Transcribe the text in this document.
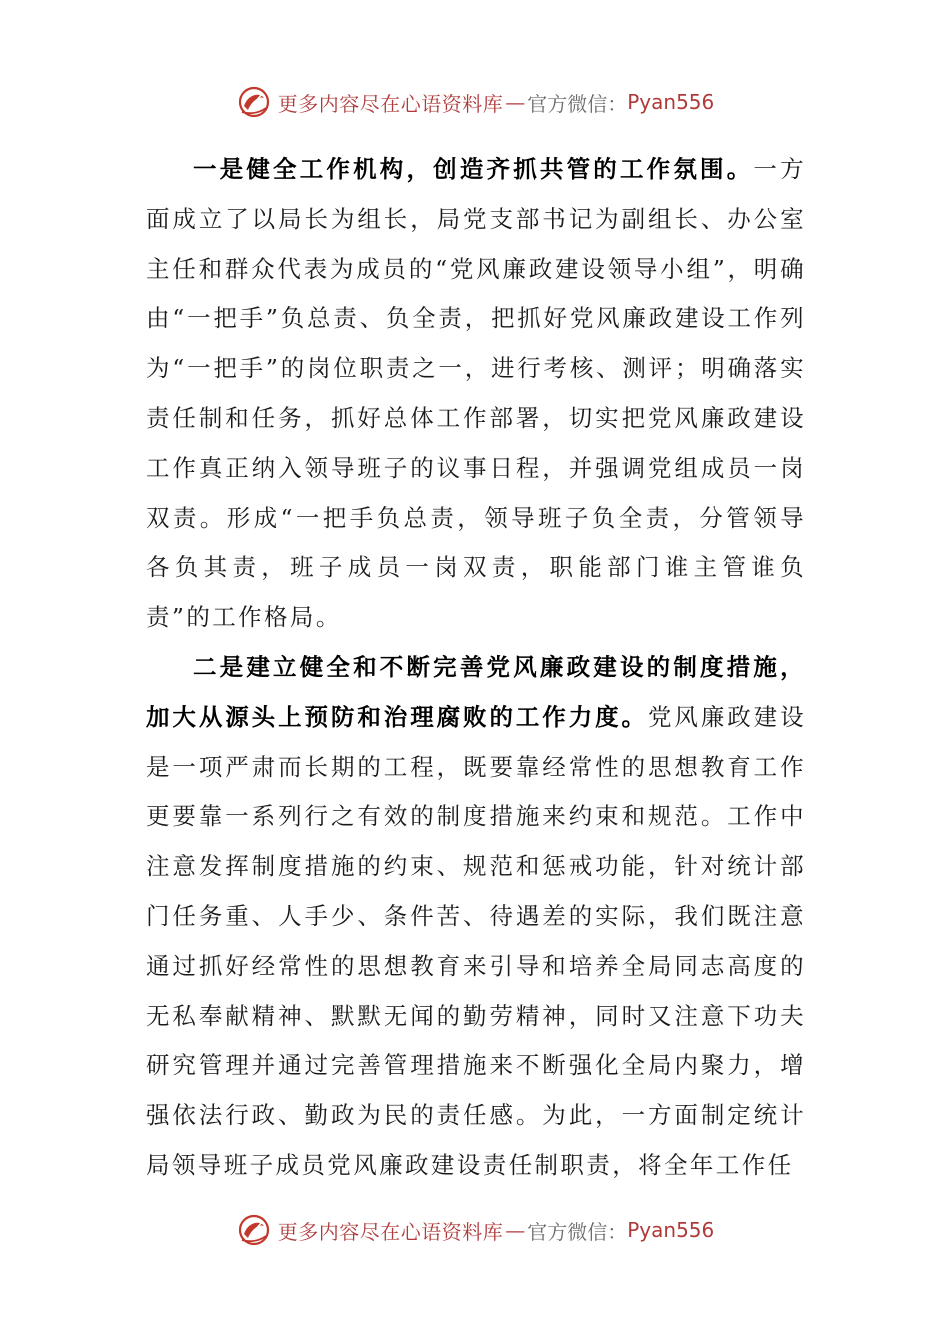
更多内容尽在心语资料库 — 官方微信： Pyan556

一是健全工作机构，创造齐抓共管的工作氛围。一方面成立了以局长为组长，局党支部书记为副组长、办公室主任和群众代表为成员的“党风廉政建设领导小组”，明确由“一把手”负总责、负全责，把抓好党风廉政建设工作列为“一把手”的岗位职责之一，进行考核、测评；明确落实责任制和任务，抓好总体工作部署，切实把党风廉政建设工作真正纳入领导班子的议事日程，并强调党组成员一岗双责。形成“一把手负总责，领导班子负全责，分管领导各负其责，班子成员一岗双责，职能部门谁主管谁负责”的工作格局。

二是建立健全和不断完善党风廉政建设的制度措施，加大从源头上预防和治理腐败的工作力度。党风廉政建设是一项严肃而长期的工程，既要靠经常性的思想教育工作更要靠一系列行之有效的制度措施来约束和规范。工作中注意发挥制度措施的约束、规范和惩戒功能，针对统计部门任务重、人手少、条件苦、待遇差的实际，我们既注意通过抓好经常性的思想教育来引导和培养全局同志高度的无私奉献精神、默默无闻的勤劳精神，同时又注意下功夫研究管理并通过完善管理措施来不断强化全局内聚力，增强依法行政、勤政为民的责任感。为此，一方面制定统计局领导班子成员党风廉政建设责任制职责，将全年工作任

更多内容尽在心语资料库 — 官方微信： Pyan556
